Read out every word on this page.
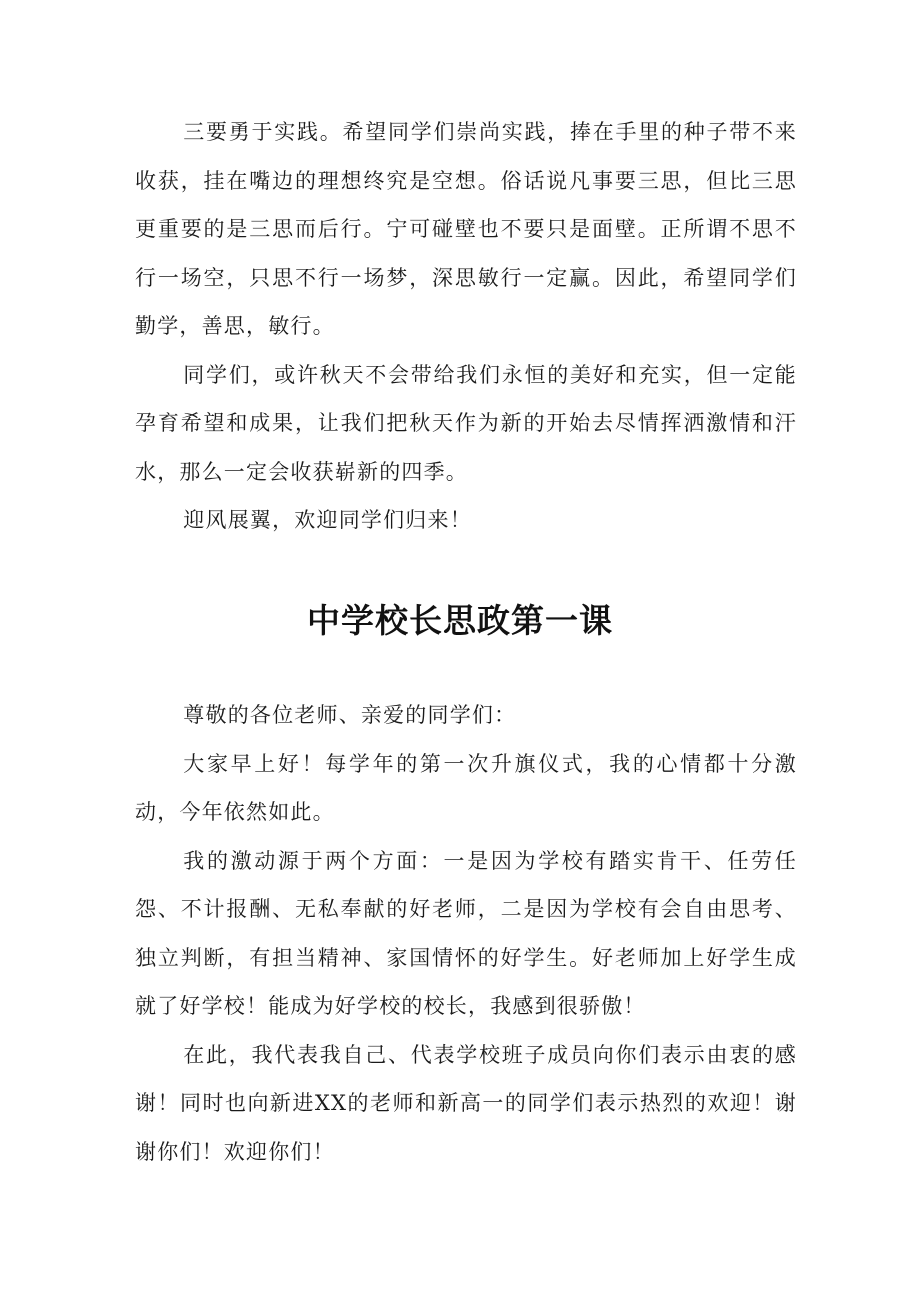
三要勇于实践。希望同学们崇尚实践，捧在手里的种子带不来收获，挂在嘴边的理想终究是空想。俗话说凡事要三思，但比三思更重要的是三思而后行。宁可碰壁也不要只是面壁。正所谓不思不行一场空，只思不行一场梦，深思敏行一定赢。因此，希望同学们勤学，善思，敏行。

同学们，或许秋天不会带给我们永恒的美好和充实，但一定能孕育希望和成果，让我们把秋天作为新的开始去尽情挥洒激情和汗水，那么一定会收获崭新的四季。

迎风展翼，欢迎同学们归来！

中学校长思政第一课

尊敬的各位老师、亲爱的同学们：

大家早上好！每学年的第一次升旗仪式，我的心情都十分激动，今年依然如此。

我的激动源于两个方面：一是因为学校有踏实肯干、任劳任怨、不计报酬、无私奉献的好老师，二是因为学校有会自由思考、独立判断，有担当精神、家国情怀的好学生。好老师加上好学生成就了好学校！能成为好学校的校长，我感到很骄傲！

在此，我代表我自己、代表学校班子成员向你们表示由衷的感谢！同时也向新进XX的老师和新高一的同学们表示热烈的欢迎！谢谢你们！欢迎你们！
